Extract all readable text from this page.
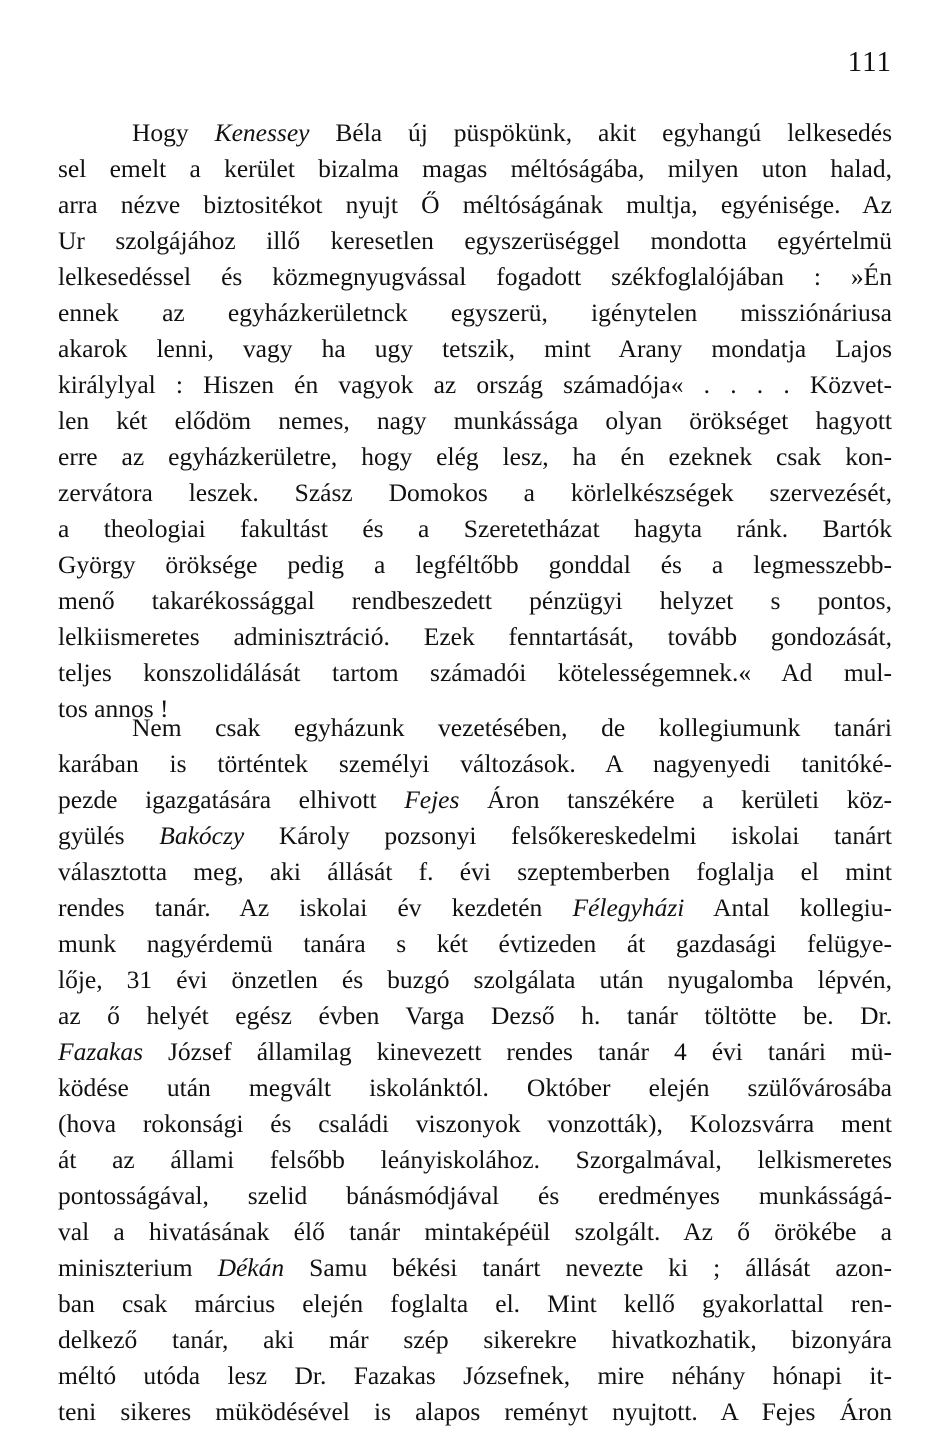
111
Hogy Kenessey Béla új püspökünk, akit egyhangú lelkesedés
sel emelt a kerület bizalma magas méltóságába, milyen uton halad,
arra nézve biztositékot nyujt Ő méltóságának multja, egyénisége. Az
Ur szolgájához illő keresetlen egyszerüséggel mondotta egyértelmü
lelkesedéssel és közmegnyugvással fogadott székfoglalójában : »Én
ennek az egyházkerületnck egyszerü, igénytelen missziónáriusa
akarok lenni, vagy ha ugy tetszik, mint Arany mondatja Lajos
királylyal : Hiszen én vagyok az ország számadója« . . . . Közvet-
len két elődöm nemes, nagy munkássága olyan örökséget hagyott
erre az egyházkerületre, hogy elég lesz, ha én ezeknek csak kon-
zervátora leszek. Szász Domokos a körlelkészségek szervezését,
a theologiai fakultást és a Szeretetházat hagyta ránk. Bartók
György öröksége pedig a legféltőbb gonddal és a legmesszebb-
menő takarékossággal rendbeszedett pénzügyi helyzet s pontos,
lelkiismeretes adminisztráció. Ezek fenntartását, tovább gondozását,
teljes konszolidálását tartom számadói kötelességemnek.« Ad mul-
tos annos !
Nem csak egyházunk vezetésében, de kollegiumunk tanári
karában is történtek személyi változások. A nagyenyedi tanitóké-
pezde igazgatására elhivott Fejes Áron tanszékére a kerületi köz-
gyülés Bakóczy Károly pozsonyi felsőkereskedelmi iskolai tanárt
választotta meg, aki állását f. évi szeptemberben foglalja el mint
rendes tanár. Az iskolai év kezdetén Félegyházi Antal kollegiu-
munk nagyérdemü tanára s két évtizeden át gazdasági felügye-
lője, 31 évi önzetlen és buzgó szolgálata után nyugalomba lépvén,
az ő helyét egész évben Varga Dezső h. tanár töltötte be. Dr.
Fazakas József államilag kinevezett rendes tanár 4 évi tanári mü-
ködése után megvált iskolánktól. Október elején szülővárosába
(hova rokonsági és családi viszonyok vonzották), Kolozsvárra ment
át az állami felsőbb leányiskolához. Szorgalmával, lelkismeretes
pontosságával, szelid bánásmódjával és eredményes munkásságá-
val a hivatásának élő tanár mintaképéül szolgált. Az ő örökébe a
miniszterium Dékán Samu békési tanárt nevezte ki ; állását azon-
ban csak március elején foglalta el. Mint kellő gyakorlattal ren-
delkező tanár, aki már szép sikerekre hivatkozhatik, bizonyára
méltó utóda lesz Dr. Fazakas Józsefnek, mire néhány hónapi it-
teni sikeres müködésével is alapos reményt nyujtott. A Fejes Áron
